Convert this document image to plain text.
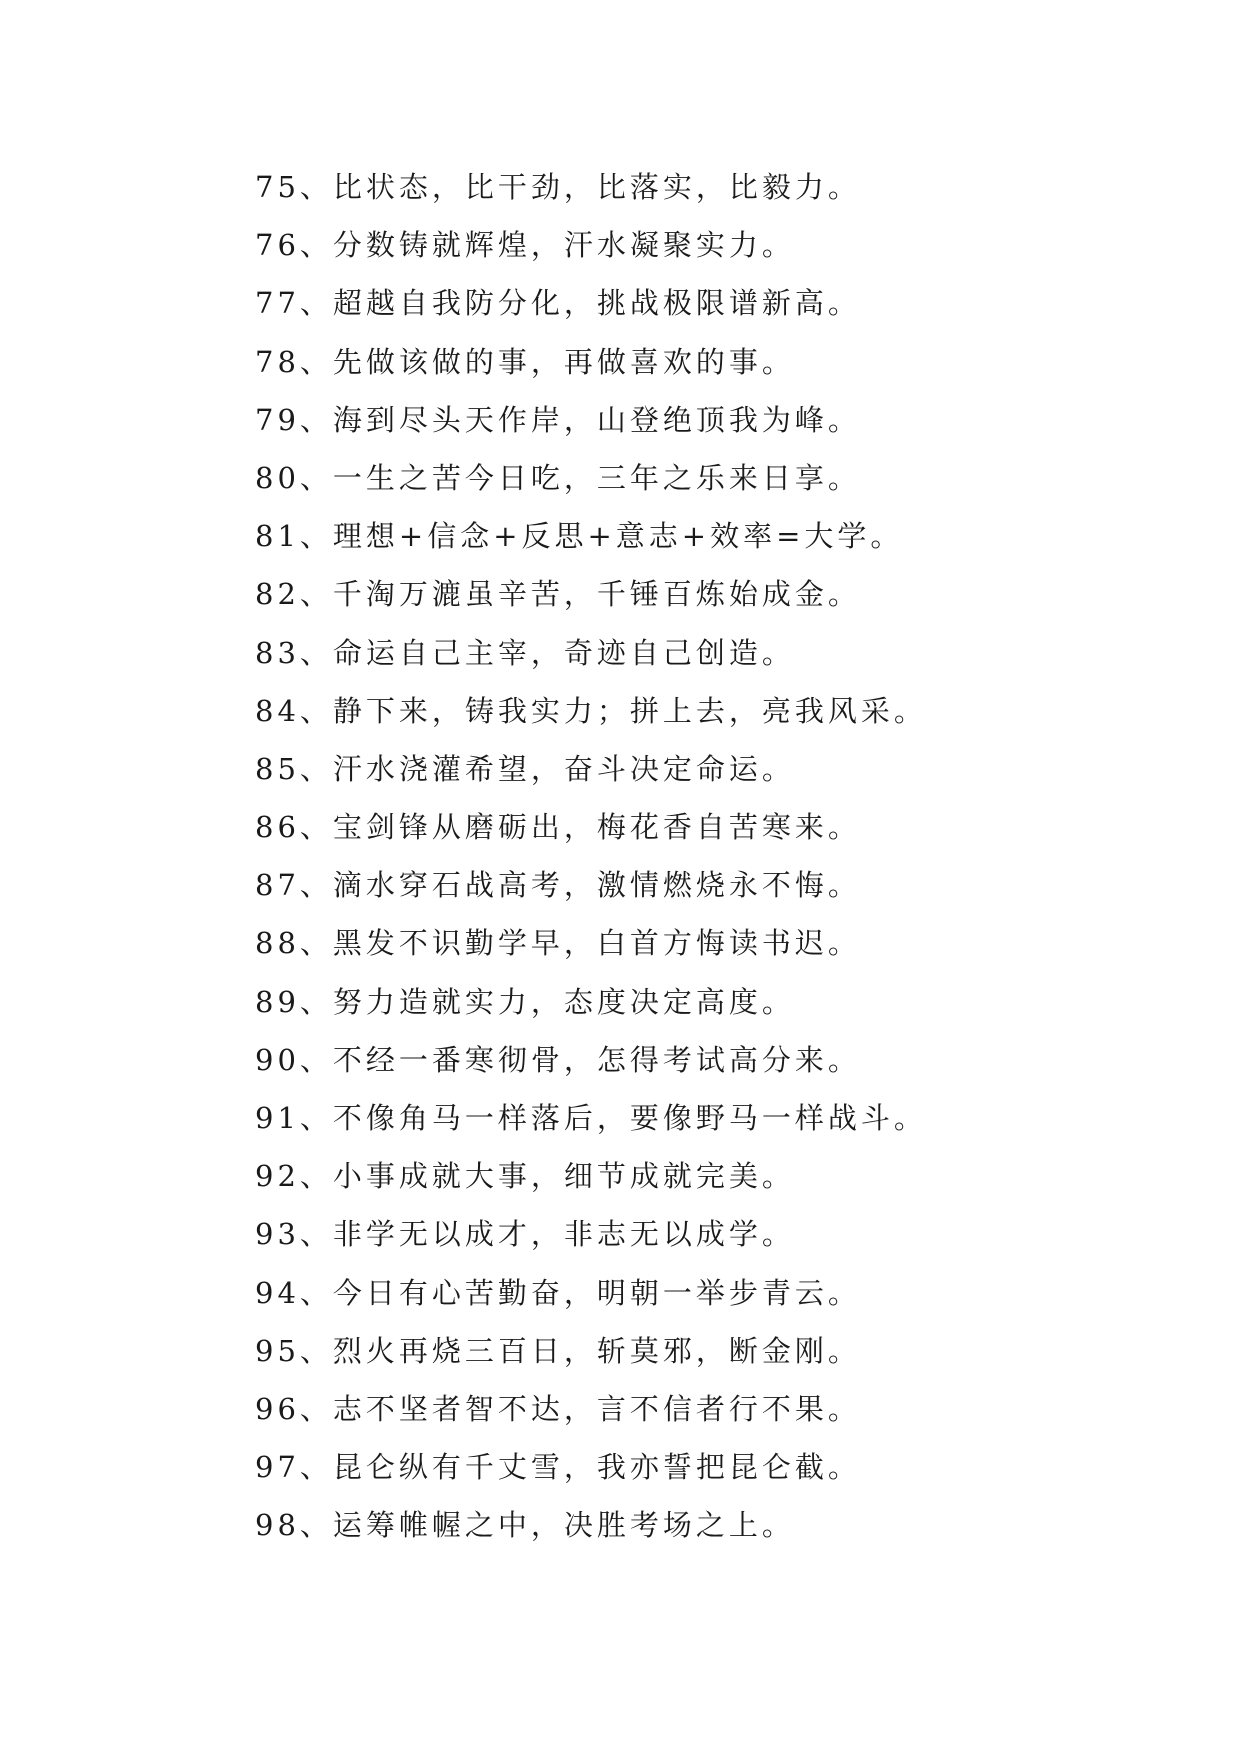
75、比状态，比干劲，比落实，比毅力。
76、分数铸就辉煌，汗水凝聚实力。
77、超越自我防分化，挑战极限谱新高。
78、先做该做的事，再做喜欢的事。
79、海到尽头天作岸，山登绝顶我为峰。
80、一生之苦今日吃，三年之乐来日享。
81、理想+信念+反思+意志+效率=大学。
82、千淘万漉虽辛苦，千锤百炼始成金。
83、命运自己主宰，奇迹自己创造。
84、静下来，铸我实力；拼上去，亮我风采。
85、汗水浇灌希望，奋斗决定命运。
86、宝剑锋从磨砺出，梅花香自苦寒来。
87、滴水穿石战高考，激情燃烧永不悔。
88、黑发不识勤学早，白首方悔读书迟。
89、努力造就实力，态度决定高度。
90、不经一番寒彻骨，怎得考试高分来。
91、不像角马一样落后，要像野马一样战斗。
92、小事成就大事，细节成就完美。
93、非学无以成才，非志无以成学。
94、今日有心苦勤奋，明朝一举步青云。
95、烈火再烧三百日，斩莫邪，断金刚。
96、志不坚者智不达，言不信者行不果。
97、昆仑纵有千丈雪，我亦誓把昆仑截。
98、运筹帷幄之中，决胜考场之上。
